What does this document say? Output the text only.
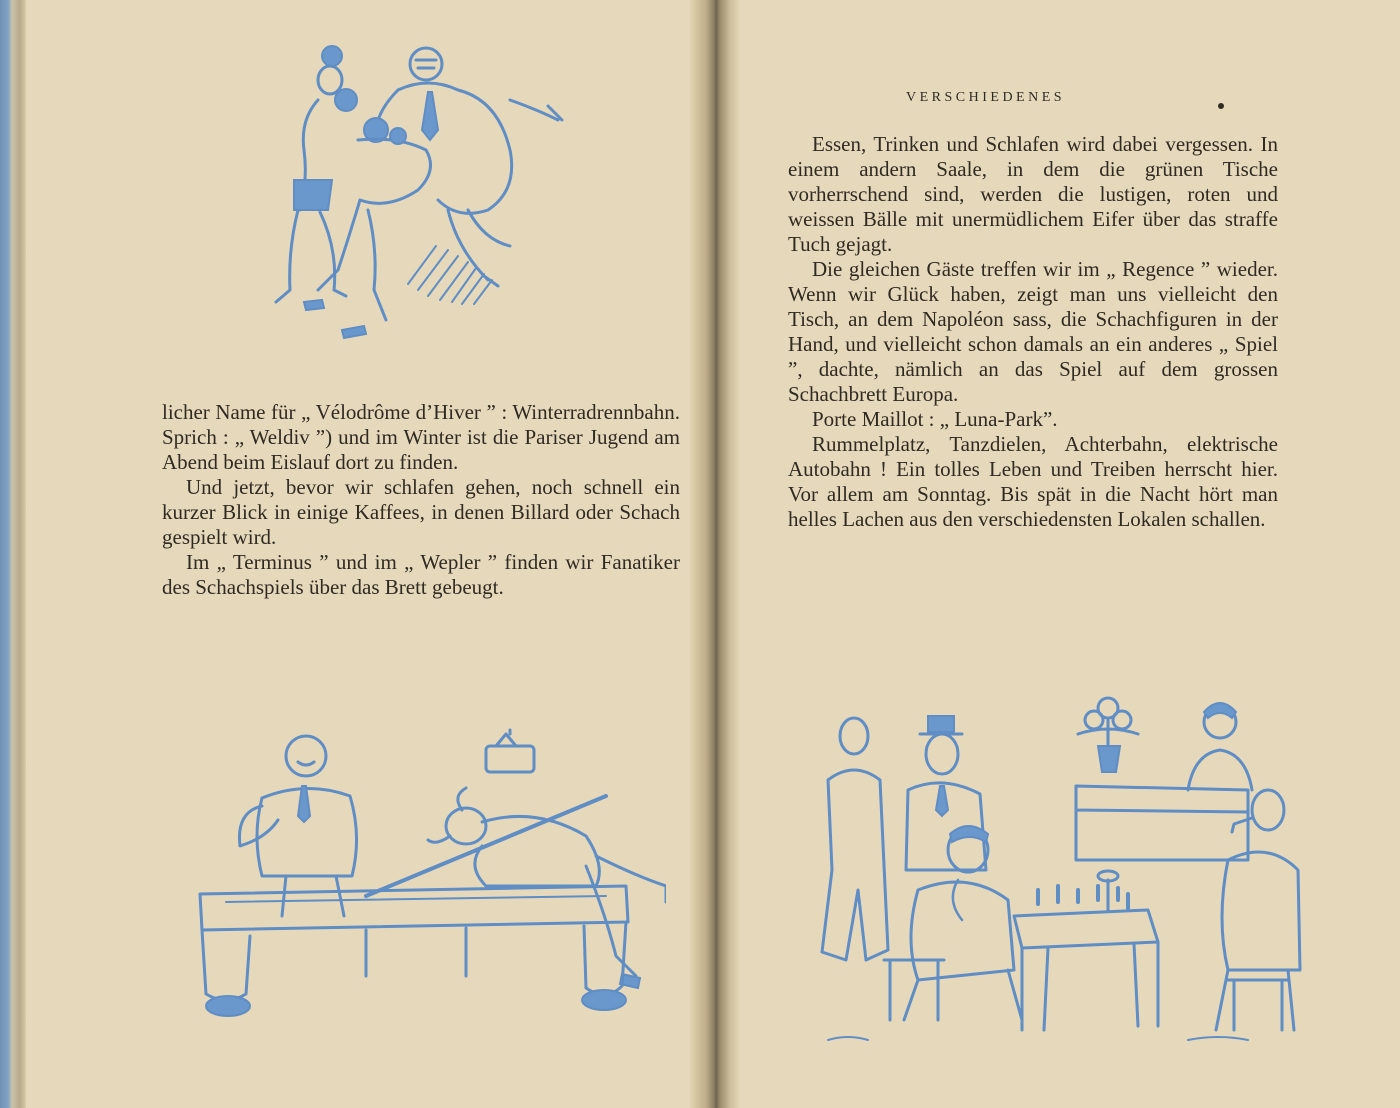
licher Name für „ Vélodrôme d’Hiver ” : Winterradrennbahn. Sprich : „ Weldiv ”) und im Winter ist die Pariser Jugend am Abend beim Eislauf dort zu finden.

Und jetzt, bevor wir schlafen gehen, noch schnell ein kurzer Blick in einige Kaffees, in denen Billard oder Schach gespielt wird.

Im „ Terminus ” und im „ Wepler ” finden wir Fanatiker des Schachspiels über das Brett gebeugt.

VERSCHIEDENES

Essen, Trinken und Schlafen wird dabei vergessen. In einem andern Saale, in dem die grünen Tische vorherrschend sind, werden die lustigen, roten und weissen Bälle mit unermüdlichem Eifer über das straffe Tuch gejagt.

Die gleichen Gäste treffen wir im „ Regence ” wieder. Wenn wir Glück haben, zeigt man uns vielleicht den Tisch, an dem Napoléon sass, die Schachfiguren in der Hand, und vielleicht schon damals an ein anderes „ Spiel ”, dachte, nämlich an das Spiel auf dem grossen Schachbrett Europa.

Porte Maillot : „ Luna-Park”.

Rummelplatz, Tanzdielen, Achterbahn, elektrische Autobahn ! Ein tolles Leben und Treiben herrscht hier. Vor allem am Sonntag. Bis spät in die Nacht hört man helles Lachen aus den verschiedensten Lokalen schallen.
